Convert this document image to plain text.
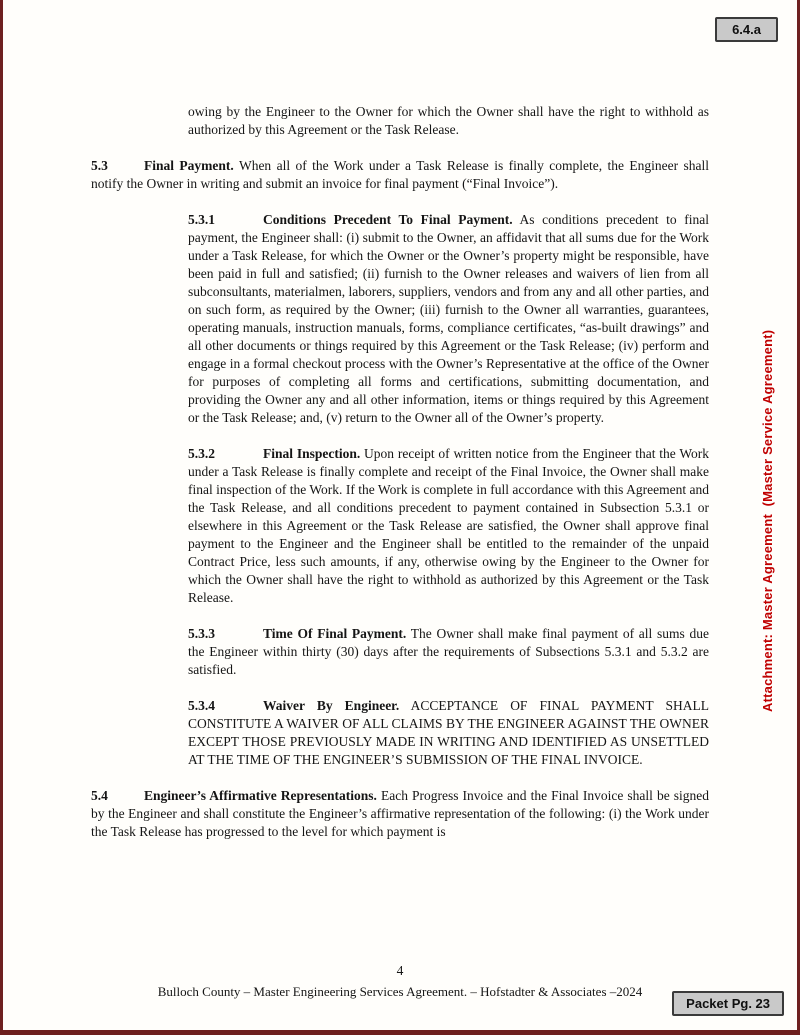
6.4.a
Attachment: Master Agreement  (Master Service Agreement)

owing by the Engineer to the Owner for which the Owner shall have the right to withhold as authorized by this Agreement or the Task Release.

5.3	Final Payment. When all of the Work under a Task Release is finally complete, the Engineer shall notify the Owner in writing and submit an invoice for final payment (“Final Invoice”).

5.3.1	Conditions Precedent To Final Payment. As conditions precedent to final payment, the Engineer shall: (i) submit to the Owner, an affidavit that all sums due for the Work under a Task Release, for which the Owner or the Owner’s property might be responsible, have been paid in full and satisfied; (ii) furnish to the Owner releases and waivers of lien from all subconsultants, materialmen, laborers, suppliers, vendors and from any and all other parties, and on such form, as required by the Owner; (iii) furnish to the Owner all warranties, guarantees, operating manuals, instruction manuals, forms, compliance certificates, “as-built drawings” and all other documents or things required by this Agreement or the Task Release; (iv) perform and engage in a formal checkout process with the Owner’s Representative at the office of the Owner for purposes of completing all forms and certifications, submitting documentation, and providing the Owner any and all other information, items or things required by this Agreement or the Task Release; and, (v) return to the Owner all of the Owner’s property.

5.3.2	Final Inspection. Upon receipt of written notice from the Engineer that the Work under a Task Release is finally complete and receipt of the Final Invoice, the Owner shall make final inspection of the Work. If the Work is complete in full accordance with this Agreement and the Task Release, and all conditions precedent to payment contained in Subsection 5.3.1 or elsewhere in this Agreement or the Task Release are satisfied, the Owner shall approve final payment to the Engineer and the Engineer shall be entitled to the remainder of the unpaid Contract Price, less such amounts, if any, otherwise owing by the Engineer to the Owner for which the Owner shall have the right to withhold as authorized by this Agreement or the Task Release.

5.3.3	Time Of Final Payment. The Owner shall make final payment of all sums due the Engineer within thirty (30) days after the requirements of Subsections 5.3.1 and 5.3.2 are satisfied.

5.3.4	Waiver By Engineer. ACCEPTANCE OF FINAL PAYMENT SHALL CONSTITUTE A WAIVER OF ALL CLAIMS BY THE ENGINEER AGAINST THE OWNER EXCEPT THOSE PREVIOUSLY MADE IN WRITING AND IDENTIFIED AS UNSETTLED AT THE TIME OF THE ENGINEER’S SUBMISSION OF THE FINAL INVOICE.

5.4	Engineer’s Affirmative Representations. Each Progress Invoice and the Final Invoice shall be signed by the Engineer and shall constitute the Engineer’s affirmative representation of the following: (i) the Work under the Task Release has progressed to the level for which payment is

4
Bulloch County – Master Engineering Services Agreement. – Hofstadter & Associates –2024
Packet Pg. 23
